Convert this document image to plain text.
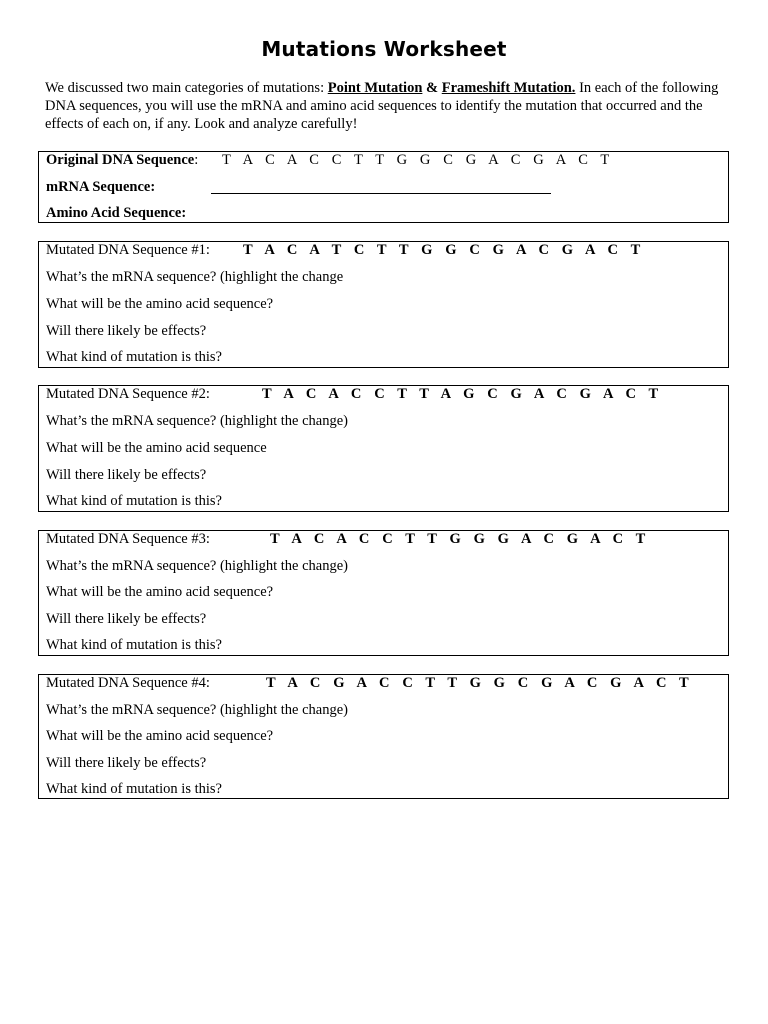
Mutations Worksheet
We discussed two main categories of mutations: Point Mutation & Frameshift Mutation. In each of the following DNA sequences, you will use the mRNA and amino acid sequences to identify the mutation that occurred and the effects of each on, if any. Look and analyze carefully!
Original DNA Sequence: T A C A C C T T G G C G A C G A C T
mRNA Sequence:
Amino Acid Sequence:
Mutated DNA Sequence #1: T A C A T C T T G G C G A C G A C T
What’s the mRNA sequence? (highlight the change
What will be the amino acid sequence?
Will there likely be effects?
What kind of mutation is this?
Mutated DNA Sequence #2:	T A C A C C T T A G C G A C G A C T
What’s the mRNA sequence? (highlight the change)
What will be the amino acid sequence
Will there likely be effects?
What kind of mutation is this?
Mutated DNA Sequence #3:	T A C A C C T T G G G A C G A C T
What’s the mRNA sequence? (highlight the change)
What will be the amino acid sequence?
Will there likely be effects?
What kind of mutation is this?
Mutated DNA Sequence #4:	T A C G A C C T T G G C G A C G A C T
What’s the mRNA sequence? (highlight the change)
What will be the amino acid sequence?
Will there likely be effects?
What kind of mutation is this?
